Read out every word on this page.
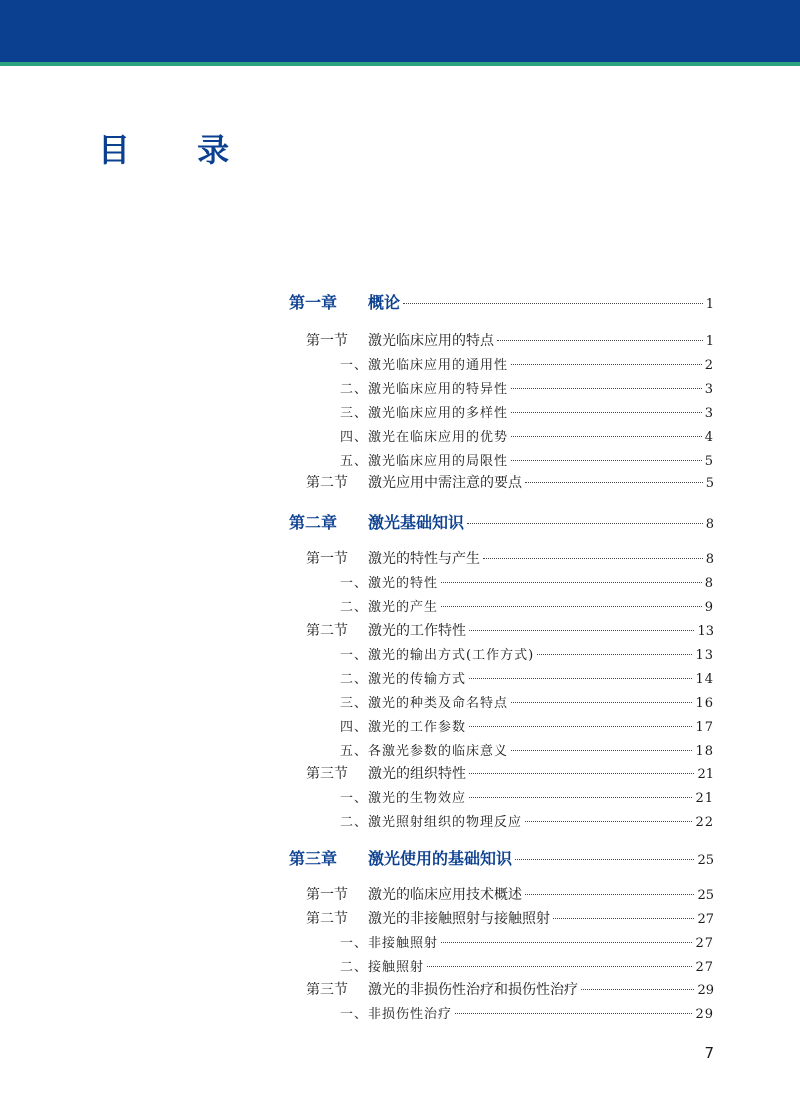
目 录
第一章	概论	1
第一节	激光临床应用的特点	1
一、 激光临床应用的通用性	2
二、 激光临床应用的特异性	3
三、 激光临床应用的多样性	3
四、 激光在临床应用的优势	4
五、 激光临床应用的局限性	5
第二节	激光应用中需注意的要点	5
第二章	激光基础知识	8
第一节	激光的特性与产生	8
一、 激光的特性	8
二、 激光的产生	9
第二节	激光的工作特性	13
一、 激光的输出方式(工作方式)	13
二、 激光的传输方式	14
三、 激光的种类及命名特点	16
四、 激光的工作参数	17
五、 各激光参数的临床意义	18
第三节	激光的组织特性	21
一、 激光的生物效应	21
二、 激光照射组织的物理反应	22
第三章	激光使用的基础知识	25
第一节	激光的临床应用技术概述	25
第二节	激光的非接触照射与接触照射	27
一、 非接触照射	27
二、 接触照射	27
第三节	激光的非损伤性治疗和损伤性治疗	29
一、 非损伤性治疗	29
7
